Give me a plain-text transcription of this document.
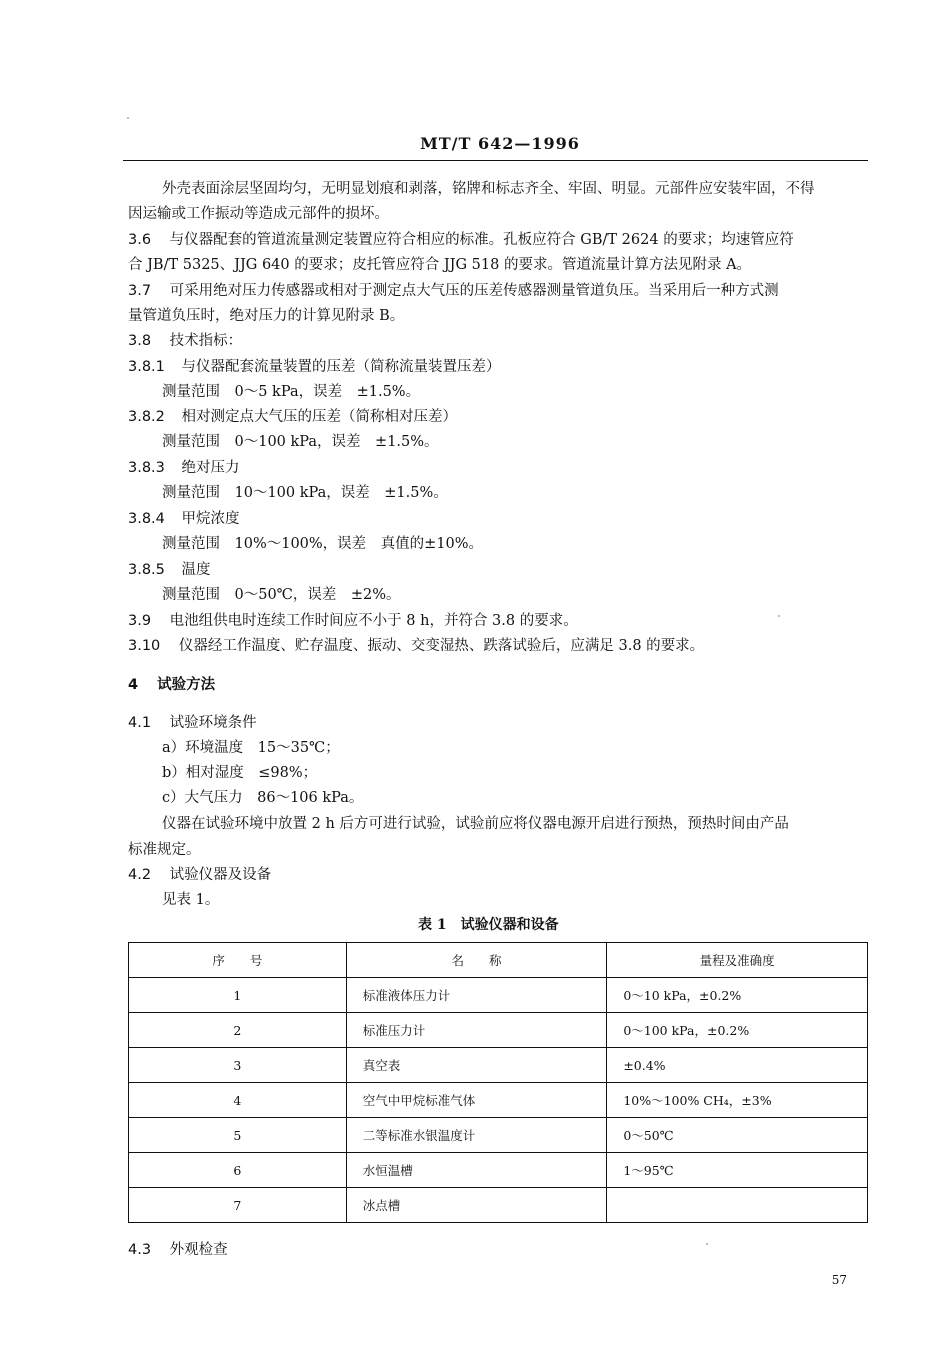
MT/T 642—1996
外壳表面涂层坚固均匀，无明显划痕和剥落，铭牌和标志齐全、牢固、明显。元部件应安装牢固，不得
因运输或工作振动等造成元部件的损坏。
3.6 与仪器配套的管道流量测定装置应符合相应的标准。孔板应符合 GB/T 2624 的要求；均速管应符
合 JB/T 5325、JJG 640 的要求；皮托管应符合 JJG 518 的要求。管道流量计算方法见附录 A。
3.7 可采用绝对压力传感器或相对于测定点大气压的压差传感器测量管道负压。当采用后一种方式测
量管道负压时，绝对压力的计算见附录 B。
3.8 技术指标：
3.8.1 与仪器配套流量装置的压差（简称流量装置压差）
测量范围　0～5 kPa，误差　±1.5%。
3.8.2 相对测定点大气压的压差（简称相对压差）
测量范围　0～100 kPa，误差　±1.5%。
3.8.3 绝对压力
测量范围　10～100 kPa，误差　±1.5%。
3.8.4 甲烷浓度
测量范围　10%～100%，误差　真值的±10%。
3.8.5 温度
测量范围　0～50℃，误差　±2%。
3.9 电池组供电时连续工作时间应不小于 8 h，并符合 3.8 的要求。
3.10 仪器经工作温度、贮存温度、振动、交变湿热、跌落试验后，应满足 3.8 的要求。
4 试验方法
4.1 试验环境条件
a）环境温度　15～35℃；
b）相对湿度　≤98%；
c）大气压力　86～106 kPa。
仪器在试验环境中放置 2 h 后方可进行试验，试验前应将仪器电源开启进行预热，预热时间由产品
标准规定。
4.2 试验仪器及设备
见表 1。
表 1　试验仪器和设备
序　　号	名　　称	量程及准确度
1	标准液体压力计	0～10 kPa，±0.2%
2	标准压力计	0～100 kPa，±0.2%
3	真空表	±0.4%
4	空气中甲烷标准气体	10%～100% CH₄，±3%
5	二等标准水银温度计	0～50℃
6	水恒温槽	1～95℃
7	冰点槽	
4.3 外观检查
57
